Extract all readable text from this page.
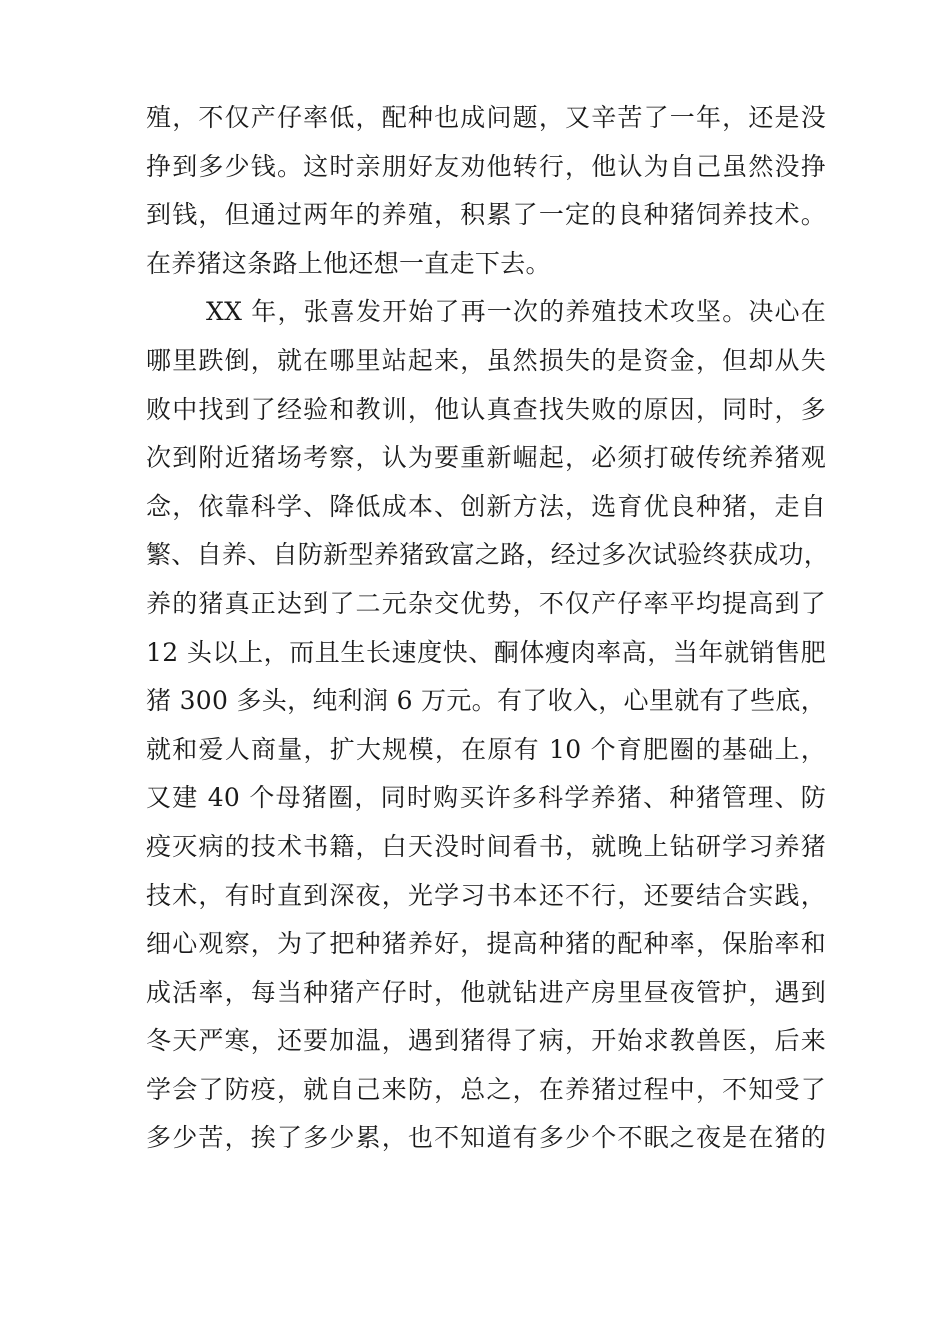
殖，不仅产仔率低，配种也成问题，又辛苦了一年，还是没
挣到多少钱。这时亲朋好友劝他转行，他认为自己虽然没挣
到钱，但通过两年的养殖，积累了一定的良种猪饲养技术。
在养猪这条路上他还想一直走下去。
XX 年，张喜发开始了再一次的养殖技术攻坚。决心在
哪里跌倒，就在哪里站起来，虽然损失的是资金，但却从失
败中找到了经验和教训，他认真查找失败的原因，同时，多
次到附近猪场考察，认为要重新崛起，必须打破传统养猪观
念，依靠科学、降低成本、创新方法，选育优良种猪，走自
繁、自养、自防新型养猪致富之路，经过多次试验终获成功，
养的猪真正达到了二元杂交优势，不仅产仔率平均提高到了
12 头以上，而且生长速度快、酮体瘦肉率高，当年就销售肥
猪 300 多头，纯利润 6 万元。有了收入，心里就有了些底，
就和爱人商量，扩大规模，在原有 10 个育肥圈的基础上，
又建 40 个母猪圈，同时购买许多科学养猪、种猪管理、防
疫灭病的技术书籍，白天没时间看书，就晚上钻研学习养猪
技术，有时直到深夜，光学习书本还不行，还要结合实践，
细心观察，为了把种猪养好，提高种猪的配种率，保胎率和
成活率，每当种猪产仔时，他就钻进产房里昼夜管护，遇到
冬天严寒，还要加温，遇到猪得了病，开始求教兽医，后来
学会了防疫，就自己来防，总之，在养猪过程中，不知受了
多少苦，挨了多少累，也不知道有多少个不眠之夜是在猪的
